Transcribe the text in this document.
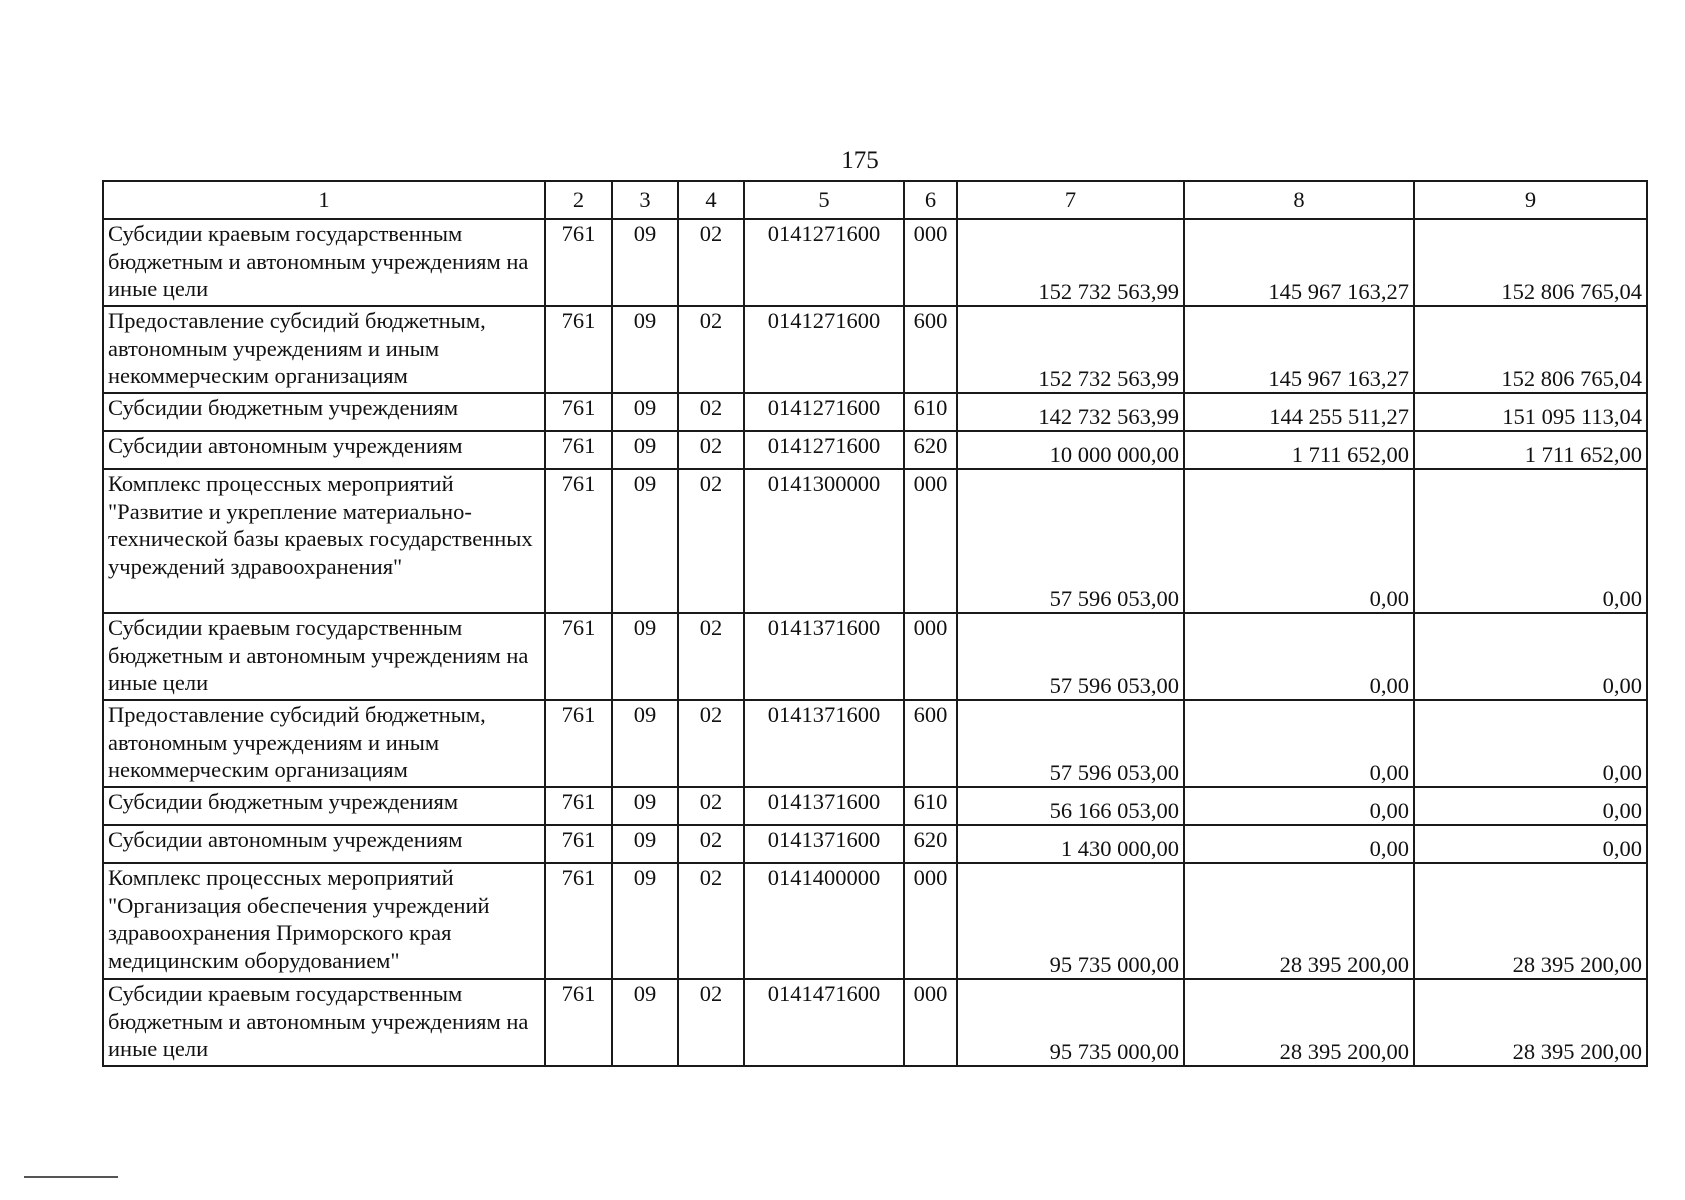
175
1	2	3	4	5	6	7	8	9
Субсидии краевым государственным бюджетным и автономным учреждениям на иные цели	761	09	02	0141271600	000	152 732 563,99	145 967 163,27	152 806 765,04
Предоставление субсидий бюджетным, автономным учреждениям и иным некоммерческим организациям	761	09	02	0141271600	600	152 732 563,99	145 967 163,27	152 806 765,04
Субсидии бюджетным учреждениям	761	09	02	0141271600	610	142 732 563,99	144 255 511,27	151 095 113,04
Субсидии автономным учреждениям	761	09	02	0141271600	620	10 000 000,00	1 711 652,00	1 711 652,00
Комплекс процессных мероприятий "Развитие и укрепление материально-технической базы краевых государственных учреждений здравоохранения"	761	09	02	0141300000	000	57 596 053,00	0,00	0,00
Субсидии краевым государственным бюджетным и автономным учреждениям на иные цели	761	09	02	0141371600	000	57 596 053,00	0,00	0,00
Предоставление субсидий бюджетным, автономным учреждениям и иным некоммерческим организациям	761	09	02	0141371600	600	57 596 053,00	0,00	0,00
Субсидии бюджетным учреждениям	761	09	02	0141371600	610	56 166 053,00	0,00	0,00
Субсидии автономным учреждениям	761	09	02	0141371600	620	1 430 000,00	0,00	0,00
Комплекс процессных мероприятий "Организация обеспечения учреждений здравоохранения Приморского края медицинским оборудованием"	761	09	02	0141400000	000	95 735 000,00	28 395 200,00	28 395 200,00
Субсидии краевым государственным бюджетным и автономным учреждениям на иные цели	761	09	02	0141471600	000	95 735 000,00	28 395 200,00	28 395 200,00
